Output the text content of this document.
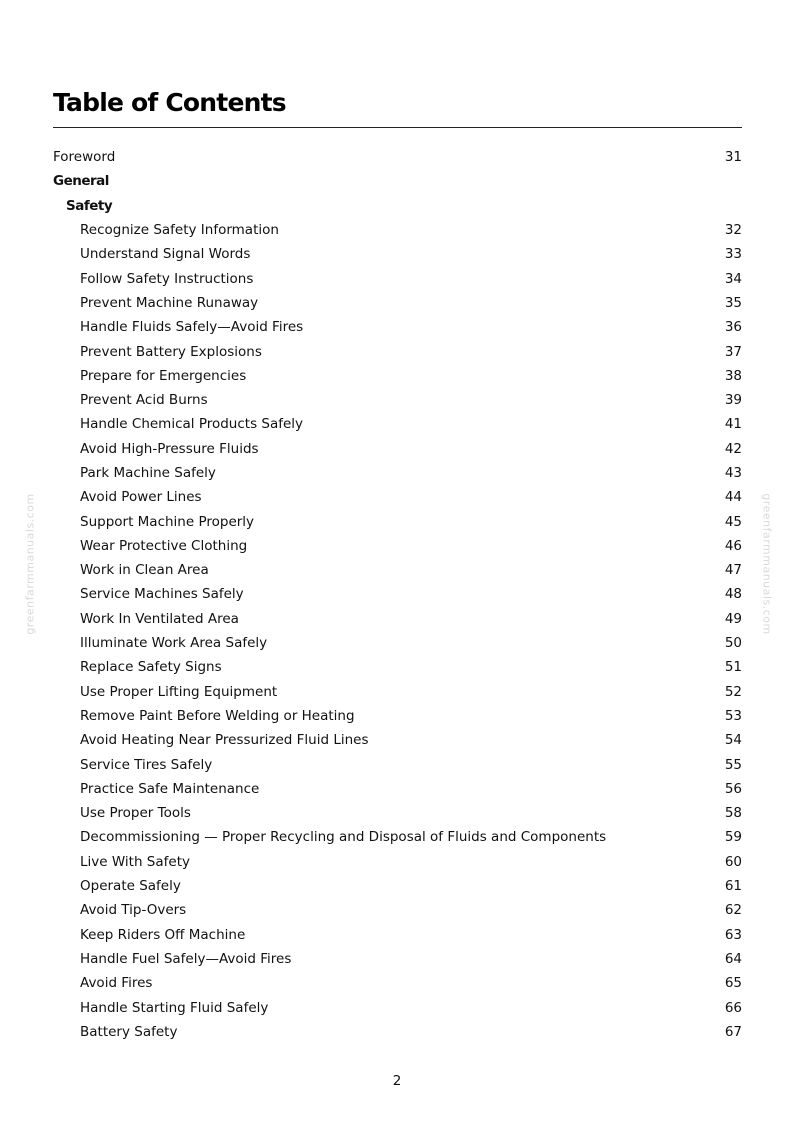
Table of Contents
greenfarmmanuals.com	greenfarmmanuals.com
Foreword	31
General
Safety
Recognize Safety Information	32
Understand Signal Words	33
Follow Safety Instructions	34
Prevent Machine Runaway	35
Handle Fluids Safely—Avoid Fires	36
Prevent Battery Explosions	37
Prepare for Emergencies	38
Prevent Acid Burns	39
Handle Chemical Products Safely	41
Avoid High-Pressure Fluids	42
Park Machine Safely	43
Avoid Power Lines	44
Support Machine Properly	45
Wear Protective Clothing	46
Work in Clean Area	47
Service Machines Safely	48
Work In Ventilated Area	49
Illuminate Work Area Safely	50
Replace Safety Signs	51
Use Proper Lifting Equipment	52
Remove Paint Before Welding or Heating	53
Avoid Heating Near Pressurized Fluid Lines	54
Service Tires Safely	55
Practice Safe Maintenance	56
Use Proper Tools	58
Decommissioning — Proper Recycling and Disposal of Fluids and Components	59
Live With Safety	60
Operate Safely	61
Avoid Tip-Overs	62
Keep Riders Off Machine	63
Handle Fuel Safely—Avoid Fires	64
Avoid Fires	65
Handle Starting Fluid Safely	66
Battery Safety	67
2
